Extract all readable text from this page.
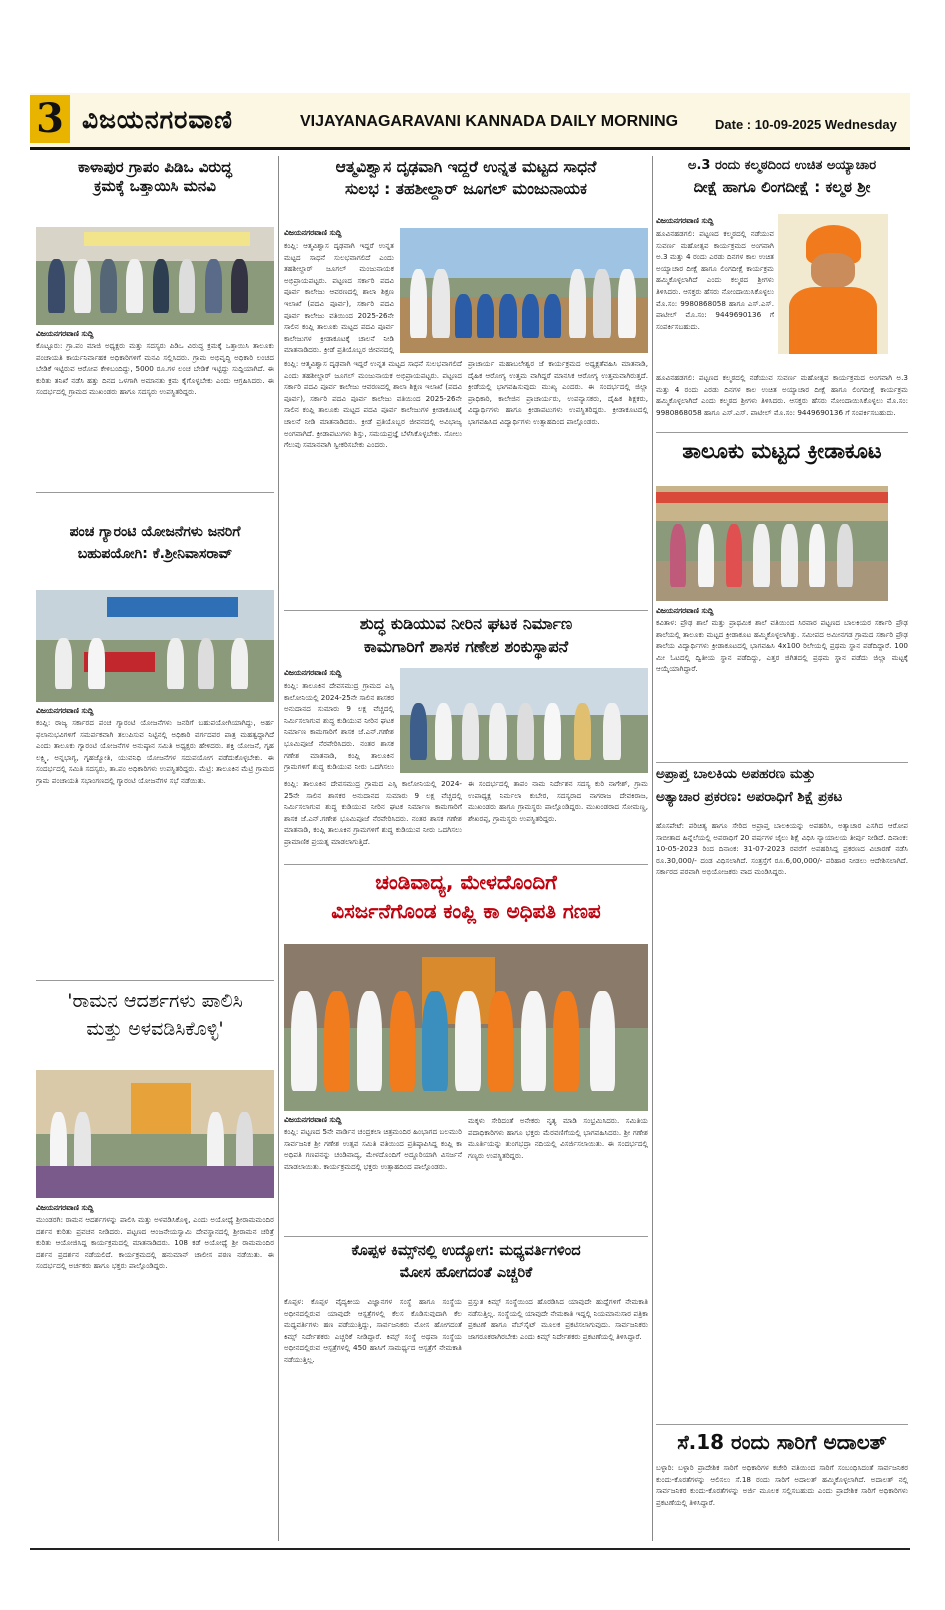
3 ವಿಜಯನಗರವಾಣಿ	VIJAYANAGARAVANI KANNADA DAILY MORNING	Date : 10-09-2025 Wednesday
ಕಾಳಾಪುರ ಗ್ರಾಪಂ ಪಿಡಿಒ ವಿರುದ್ಧ
ಕ್ರಮಕ್ಕೆ ಒತ್ತಾಯಿಸಿ ಮನವಿ
ವಿಜಯನಗರವಾಣಿ ಸುದ್ದಿ
ಕೊಟ್ಟೂರು: ಗ್ರಾ.ಪಂ ಮಾಜಿ ಅಧ್ಯಕ್ಷರು ಮತ್ತು ಸದಸ್ಯರು ಪಿಡಿಒ ವಿರುದ್ಧ ಕ್ರಮಕ್ಕೆ ಒತ್ತಾಯಿಸಿ ತಾಲೂಕು ಪಂಚಾಯತಿ ಕಾರ್ಯನಿರ್ವಾಹಕ ಅಧಿಕಾರಿಗಳಿಗೆ ಮನವಿ ಸಲ್ಲಿಸಿದರು. ಗ್ರಾಮ ಅಭಿವೃದ್ಧಿ ಅಧಿಕಾರಿ ಲಂಚದ ಬೇಡಿಕೆ ಇಟ್ಟಿರುವ ಆರೋಪ ಕೇಳಿಬಂದಿದ್ದು, 5000 ರೂ.ಗಳ ಲಂಚ ಬೇಡಿಕೆ ಇಟ್ಟಿದ್ದು ಸುದ್ದಿಯಾಗಿದೆ. ಈ ಕುರಿತು ತನಿಖೆ ನಡೆಸಿ ಹತ್ತು ದಿನದ ಒಳಗಾಗಿ ಅಮಾನತು ಕ್ರಮ ಕೈಗೊಳ್ಳಬೇಕು ಎಂದು ಆಗ್ರಹಿಸಿದರು. ಈ ಸಂದರ್ಭದಲ್ಲಿ ಗ್ರಾಮದ ಮುಖಂಡರು ಹಾಗೂ ಸದಸ್ಯರು ಉಪಸ್ಥಿತರಿದ್ದರು.
ಪಂಚ ಗ್ಯಾರಂಟಿ ಯೋಜನೆಗಳು ಜನರಿಗೆ
ಬಹುಪಯೋಗಿ: ಕೆ.ಶ್ರೀನಿವಾಸರಾವ್
ವಿಜಯನಗರವಾಣಿ ಸುದ್ದಿ
ಕಂಪ್ಲಿ: ರಾಜ್ಯ ಸರ್ಕಾರದ ಪಂಚ ಗ್ಯಾರಂಟಿ ಯೋಜನೆಗಳು ಜನರಿಗೆ ಬಹುಪಯೋಗಿಯಾಗಿದ್ದು, ಅರ್ಹ ಫಲಾನುಭವಿಗಳಿಗೆ ಸಮರ್ಪಕವಾಗಿ ತಲುಪಿಸುವ ನಿಟ್ಟಿನಲ್ಲಿ ಅಧಿಕಾರಿ ವರ್ಗದವರ ಪಾತ್ರ ಮಹತ್ವದ್ದಾಗಿದೆ ಎಂದು ತಾಲೂಕು ಗ್ಯಾರಂಟಿ ಯೋಜನೆಗಳ ಅನುಷ್ಠಾನ ಸಮಿತಿ ಅಧ್ಯಕ್ಷರು ಹೇಳಿದರು. ಶಕ್ತಿ ಯೋಜನೆ, ಗೃಹ ಲಕ್ಷ್ಮಿ, ಅನ್ನಭಾಗ್ಯ, ಗೃಹಜ್ಯೋತಿ, ಯುವನಿಧಿ ಯೋಜನೆಗಳ ಸದುಪಯೋಗ ಪಡೆದುಕೊಳ್ಳಬೇಕು. ಈ ಸಂದರ್ಭದಲ್ಲಿ ಸಮಿತಿ ಸದಸ್ಯರು, ತಾ.ಪಂ ಅಧಿಕಾರಿಗಳು ಉಪಸ್ಥಿತರಿದ್ದರು. ಮೆಟ್ರಿ: ತಾಲೂಕಿನ ಮೆಟ್ರಿ ಗ್ರಾಮದ ಗ್ರಾಮ ಪಂಚಾಯತಿ ಸಭಾಂಗಣದಲ್ಲಿ ಗ್ಯಾರಂಟಿ ಯೋಜನೆಗಳ ಸಭೆ ನಡೆಯಿತು.
'ರಾಮನ ಆದರ್ಶಗಳು ಪಾಲಿಸಿ
ಮತ್ತು ಅಳವಡಿಸಿಕೊಳ್ಳಿ'
ವಿಜಯನಗರವಾಣಿ ಸುದ್ದಿ
ಮುಂಡರಗಿ: ರಾಮನ ಆದರ್ಶಗಳನ್ನು ಪಾಲಿಸಿ ಮತ್ತು ಅಳವಡಿಸಿಕೊಳ್ಳಿ, ಎಂದು ಅಯೋಧ್ಯೆ ಶ್ರೀರಾಮಮಂದಿರ ದರ್ಶನ ಕುರಿತು ಪ್ರವಚನ ನೀಡಿದರು. ಪಟ್ಟಣದ ಆಂಜನೇಯಸ್ವಾಮಿ ದೇವಸ್ಥಾನದಲ್ಲಿ ಶ್ರೀರಾಮನ ಚರಿತ್ರೆ ಕುರಿತು ಆಯೋಜಿಸಿದ್ದ ಕಾರ್ಯಕ್ರಮದಲ್ಲಿ ಮಾತನಾಡಿದರು. 108 ಕಡೆ ಅಯೋಧ್ಯೆ ಶ್ರೀ ರಾಮಮಂದಿರ ದರ್ಶನ ಪ್ರದರ್ಶನ ನಡೆಯಲಿದೆ. ಕಾರ್ಯಕ್ರಮದಲ್ಲಿ ಹನುಮಾನ್ ಚಾಲೀಸ ಪಠಣ ನಡೆಯಿತು. ಈ ಸಂದರ್ಭದಲ್ಲಿ ಅರ್ಚಕರು ಹಾಗೂ ಭಕ್ತರು ಪಾಲ್ಗೊಂಡಿದ್ದರು.
ಆತ್ಮವಿಶ್ವಾಸ ದೃಢವಾಗಿ ಇದ್ದರೆ ಉನ್ನತ ಮಟ್ಟದ ಸಾಧನೆ
ಸುಲಭ : ತಹಶೀಲ್ದಾರ್ ಜೂಗಲ್ ಮಂಜುನಾಯಕ
ವಿಜಯನಗರವಾಣಿ ಸುದ್ದಿ
ಕಂಪ್ಲಿ: ಆತ್ಮವಿಶ್ವಾಸ ದೃಢವಾಗಿ ಇದ್ದರೆ ಉನ್ನತ ಮಟ್ಟದ ಸಾಧನೆ ಸುಲಭವಾಗಲಿದೆ ಎಂದು ತಹಶೀಲ್ದಾರ್ ಜೂಗಲ್ ಮಂಜುನಾಯಕ ಅಭಿಪ್ರಾಯಪಟ್ಟರು. ಪಟ್ಟಣದ ಸರ್ಕಾರಿ ಪದವಿ ಪೂರ್ವ ಕಾಲೇಜು ಆವರಣದಲ್ಲಿ ಶಾಲಾ ಶಿಕ್ಷಣ ಇಲಾಖೆ (ಪದವಿ ಪೂರ್ವ), ಸರ್ಕಾರಿ ಪದವಿ ಪೂರ್ವ ಕಾಲೇಜು ವತಿಯಿಂದ 2025-26ನೇ ಸಾಲಿನ ಕಂಪ್ಲಿ ತಾಲೂಕು ಮಟ್ಟದ ಪದವಿ ಪೂರ್ವ ಕಾಲೇಜುಗಳ ಕ್ರೀಡಾಕೂಟಕ್ಕೆ ಚಾಲನೆ ನೀಡಿ ಮಾತನಾಡಿದರು. ಕ್ರೀಡೆ ಪ್ರತಿಯೊಬ್ಬರ ಜೀವನದಲ್ಲಿ
ಕಂಪ್ಲಿ: ಆತ್ಮವಿಶ್ವಾಸ ದೃಢವಾಗಿ ಇದ್ದರೆ ಉನ್ನತ ಮಟ್ಟದ ಸಾಧನೆ ಸುಲಭವಾಗಲಿದೆ ಎಂದು ತಹಶೀಲ್ದಾರ್ ಜೂಗಲ್ ಮಂಜುನಾಯಕ ಅಭಿಪ್ರಾಯಪಟ್ಟರು. ಪಟ್ಟಣದ ಸರ್ಕಾರಿ ಪದವಿ ಪೂರ್ವ ಕಾಲೇಜು ಆವರಣದಲ್ಲಿ ಶಾಲಾ ಶಿಕ್ಷಣ ಇಲಾಖೆ (ಪದವಿ ಪೂರ್ವ), ಸರ್ಕಾರಿ ಪದವಿ ಪೂರ್ವ ಕಾಲೇಜು ವತಿಯಿಂದ 2025-26ನೇ ಸಾಲಿನ ಕಂಪ್ಲಿ ತಾಲೂಕು ಮಟ್ಟದ ಪದವಿ ಪೂರ್ವ ಕಾಲೇಜುಗಳ ಕ್ರೀಡಾಕೂಟಕ್ಕೆ ಚಾಲನೆ ನೀಡಿ ಮಾತನಾಡಿದರು. ಕ್ರೀಡೆ ಪ್ರತಿಯೊಬ್ಬರ ಜೀವನದಲ್ಲಿ ಅವಿಭಾಜ್ಯ ಅಂಗವಾಗಿದೆ. ಕ್ರೀಡಾಪಟುಗಳು ಶಿಸ್ತು, ಸಮಯಪ್ರಜ್ಞೆ ಬೆಳೆಸಿಕೊಳ್ಳಬೇಕು. ಸೋಲು ಗೆಲುವು ಸಮಾನವಾಗಿ ಸ್ವೀಕರಿಸಬೇಕು ಎಂದರು.
ಪ್ರಾಚಾರ್ಯ ಮಹಾಬಲೇಶ್ವರ ಜೆ ಕಾರ್ಯಕ್ರಮದ ಅಧ್ಯಕ್ಷತೆವಹಿಸಿ ಮಾತನಾಡಿ, ದೈಹಿಕ ಆರೋಗ್ಯ ಉತ್ತಮ ವಾಗಿದ್ದರೆ ಮಾನಸಿಕ ಆರೋಗ್ಯ ಉತ್ತಮವಾಗಿರುತ್ತದೆ. ಕ್ರೀಡೆಯಲ್ಲಿ ಭಾಗವಹಿಸುವುದು ಮುಖ್ಯ ಎಂದರು. ಈ ಸಂದರ್ಭದಲ್ಲಿ ಜಿಲ್ಲಾ ಪ್ರಾಧಿಕಾರಿ, ಕಾಲೇಜಿನ ಪ್ರಾಚಾರ್ಯರು, ಉಪನ್ಯಾಸಕರು, ದೈಹಿಕ ಶಿಕ್ಷಕರು, ವಿದ್ಯಾರ್ಥಿಗಳು ಹಾಗೂ ಕ್ರೀಡಾಪಟುಗಳು ಉಪಸ್ಥಿತರಿದ್ದರು. ಕ್ರೀಡಾಕೂಟದಲ್ಲಿ ಭಾಗವಹಿಸಿದ ವಿದ್ಯಾರ್ಥಿಗಳು ಉತ್ಸಾಹದಿಂದ ಪಾಲ್ಗೊಂಡರು.
ಶುದ್ಧ ಕುಡಿಯುವ ನೀರಿನ ಘಟಕ ನಿರ್ಮಾಣ
ಕಾಮಗಾರಿಗೆ ಶಾಸಕ ಗಣೇಶ ಶಂಕುಸ್ಥಾಪನೆ
ವಿಜಯನಗರವಾಣಿ ಸುದ್ದಿ
ಕಂಪ್ಲಿ: ತಾಲೂಕಿನ ದೇವಸಮುದ್ರ ಗ್ರಾಮದ ಎಸ್ಸಿ ಕಾಲೋನಿಯಲ್ಲಿ 2024-25ನೇ ಸಾಲಿನ ಶಾಸಕರ ಅನುದಾನದ ಸುಮಾರು 9 ಲಕ್ಷ ವೆಚ್ಚದಲ್ಲಿ ನಿರ್ಮಿಸಲಾಗುವ ಶುದ್ಧ ಕುಡಿಯುವ ನೀರಿನ ಘಟಕ ನಿರ್ಮಾಣ ಕಾಮಗಾರಿಗೆ ಶಾಸಕ ಜೆ.ಎನ್.ಗಣೇಶ ಭೂಮಿಪೂಜೆ ನೆರವೇರಿಸಿದರು. ನಂತರ ಶಾಸಕ ಗಣೇಶ ಮಾತನಾಡಿ, ಕಂಪ್ಲಿ ತಾಲೂಕಿನ ಗ್ರಾಮಗಳಿಗೆ ಶುದ್ಧ ಕುಡಿಯುವ ನೀರು ಒದಗಿಸಲು
ಕಂಪ್ಲಿ: ತಾಲೂಕಿನ ದೇವಸಮುದ್ರ ಗ್ರಾಮದ ಎಸ್ಸಿ ಕಾಲೋನಿಯಲ್ಲಿ 2024-25ನೇ ಸಾಲಿನ ಶಾಸಕರ ಅನುದಾನದ ಸುಮಾರು 9 ಲಕ್ಷ ವೆಚ್ಚದಲ್ಲಿ ನಿರ್ಮಿಸಲಾಗುವ ಶುದ್ಧ ಕುಡಿಯುವ ನೀರಿನ ಘಟಕ ನಿರ್ಮಾಣ ಕಾಮಗಾರಿಗೆ ಶಾಸಕ ಜೆ.ಎನ್.ಗಣೇಶ ಭೂಮಿಪೂಜೆ ನೆರವೇರಿಸಿದರು. ನಂತರ ಶಾಸಕ ಗಣೇಶ ಮಾತನಾಡಿ, ಕಂಪ್ಲಿ ತಾಲೂಕಿನ ಗ್ರಾಮಗಳಿಗೆ ಶುದ್ಧ ಕುಡಿಯುವ ನೀರು ಒದಗಿಸಲು ಪ್ರಾಮಾಣಿಕ ಪ್ರಯತ್ನ ಮಾಡಲಾಗುತ್ತಿದೆ.
ಈ ಸಂದರ್ಭದಲ್ಲಿ ತಾಪಂ ನಾಮ ನಿರ್ದೇಶನ ಸದಸ್ಯ ಕುರಿ ನಾಗೇಶ್, ಗ್ರಾಮ ಉಪಾಧ್ಯಕ್ಷ ನಿರ್ಮಲಾ ಕುಬೇರ, ಸದಸ್ಯರಾದ ನಾಗರಾಜ ದೇವಕಿರಾಜ, ಮುಖಂಡರು ಹಾಗೂ ಗ್ರಾಮಸ್ಥರು ಪಾಲ್ಗೊಂಡಿದ್ದರು. ಮುಖಂಡರಾದ ಸೋಮಣ್ಣ, ಶೇಖರಪ್ಪ, ಗ್ರಾಮಸ್ಥರು ಉಪಸ್ಥಿತರಿದ್ದರು.
ಚಂಡಿವಾದ್ಯ, ಮೇಳದೊಂದಿಗೆ
ವಿಸರ್ಜನೆಗೊಂಡ ಕಂಪ್ಲಿ ಕಾ ಅಧಿಪತಿ ಗಣಪ
ವಿಜಯನಗರವಾಣಿ ಸುದ್ದಿ
ಕಂಪ್ಲಿ: ಪಟ್ಟಣದ 5ನೇ ವಾರ್ಡಿನ ಚಂದ್ರಕಲಾ ಚಿತ್ರಮಂದಿರ ಹಿಂಭಾಗದ ಬಲಮುರಿ ಸಾರ್ವಜನಿಕ ಶ್ರೀ ಗಣೇಶ ಉತ್ಸವ ಸಮಿತಿ ವತಿಯಿಂದ ಪ್ರತಿಷ್ಠಾಪಿಸಿದ್ದ ಕಂಪ್ಲಿ ಕಾ ಅಧಿಪತಿ ಗಣಪನನ್ನು ಚಂಡಿವಾದ್ಯ, ಮೇಳದೊಂದಿಗೆ ಅದ್ದೂರಿಯಾಗಿ ವಿಸರ್ಜನೆ ಮಾಡಲಾಯಿತು. ಕಾರ್ಯಕ್ರಮದಲ್ಲಿ ಭಕ್ತರು ಉತ್ಸಾಹದಿಂದ ಪಾಲ್ಗೊಂಡರು.
ಮಕ್ಕಳು ಸೇರಿದಂತೆ ಅನೇಕರು ನೃತ್ಯ ಮಾಡಿ ಸಂಭ್ರಮಿಸಿದರು. ಸಮಿತಿಯ ಪದಾಧಿಕಾರಿಗಳು ಹಾಗೂ ಭಕ್ತರು ಮೆರವಣಿಗೆಯಲ್ಲಿ ಭಾಗವಹಿಸಿದರು. ಶ್ರೀ ಗಣೇಶ ಮೂರ್ತಿಯನ್ನು ತುಂಗಭದ್ರಾ ನದಿಯಲ್ಲಿ ವಿಸರ್ಜಿಸಲಾಯಿತು. ಈ ಸಂದರ್ಭದಲ್ಲಿ ಗಣ್ಯರು ಉಪಸ್ಥಿತರಿದ್ದರು.
ಕೊಪ್ಪಳ ಕಿಮ್ಸ್‌ನಲ್ಲಿ ಉದ್ಯೋಗ: ಮಧ್ಯವರ್ತಿಗಳಿಂದ
ಮೋಸ ಹೋಗದಂತೆ ಎಚ್ಚರಿಕೆ
ಕೊಪ್ಪಳ: ಕೊಪ್ಪಳ ವೈದ್ಯಕೀಯ ವಿಜ್ಞಾನಗಳ ಸಂಸ್ಥೆ ಹಾಗೂ ಸಂಸ್ಥೆಯ ಅಧೀನದಲ್ಲಿರುವ ಯಾವುದೇ ಆಸ್ಪತ್ರೆಗಳಲ್ಲಿ ಕೆಲಸ ಕೊಡಿಸುವುದಾಗಿ ಕೆಲ ಮಧ್ಯವರ್ತಿಗಳು ಹಣ ಪಡೆಯುತ್ತಿದ್ದು, ಸಾರ್ವಜನಿಕರು ಮೋಸ ಹೋಗದಂತೆ ಕಿಮ್ಸ್ ನಿರ್ದೇಶಕರು ಎಚ್ಚರಿಕೆ ನೀಡಿದ್ದಾರೆ. ಕಿಮ್ಸ್ ಸಂಸ್ಥೆ ಅಥವಾ ಸಂಸ್ಥೆಯ ಅಧೀನದಲ್ಲಿರುವ ಆಸ್ಪತ್ರೆಗಳಲ್ಲಿ 450 ಹಾಸಿಗೆ ಸಾಮರ್ಥ್ಯದ ಆಸ್ಪತ್ರೆಗೆ ನೇಮಕಾತಿ ನಡೆಯುತ್ತಿಲ್ಲ.
ಪ್ರಸ್ತುತ ಕಿಮ್ಸ್ ಸಂಸ್ಥೆಯಿಂದ ಹೊರಡಿಸಿದ ಯಾವುದೇ ಹುದ್ದೆಗಳಿಗೆ ನೇಮಕಾತಿ ನಡೆಸುತ್ತಿಲ್ಲ. ಸಂಸ್ಥೆಯಲ್ಲಿ ಯಾವುದೇ ನೇಮಕಾತಿ ಇದ್ದಲ್ಲಿ ನಿಯಮಾನುಸಾರ ಪತ್ರಿಕಾ ಪ್ರಕಟಣೆ ಹಾಗೂ ವೆಬ್‌ಸೈಟ್ ಮೂಲಕ ಪ್ರಕಟಿಸಲಾಗುವುದು. ಸಾರ್ವಜನಿಕರು ಜಾಗರೂಕರಾಗಿರಬೇಕು ಎಂದು ಕಿಮ್ಸ್ ನಿರ್ದೇಶಕರು ಪ್ರಕಟಣೆಯಲ್ಲಿ ತಿಳಿಸಿದ್ದಾರೆ.
ಅ.3 ರಂದು ಕಲ್ಮಠದಿಂದ ಉಚಿತ ಅಯ್ಯಾಚಾರ
ದೀಕ್ಷೆ ಹಾಗೂ ಲಿಂಗದೀಕ್ಷೆ : ಕಲ್ಮಠ ಶ್ರೀ
ವಿಜಯನಗರವಾಣಿ ಸುದ್ದಿ
ಹೂವಿನಹಡಗಲಿ: ಪಟ್ಟಣದ ಕಲ್ಮಠದಲ್ಲಿ ನಡೆಯುವ ಸುವರ್ಣ ಮಹೋತ್ಸವ ಕಾರ್ಯಕ್ರಮದ ಅಂಗವಾಗಿ ಅ.3 ಮತ್ತು 4 ರಂದು ಎರಡು ದಿನಗಳ ಕಾಲ ಉಚಿತ ಅಯ್ಯಾಚಾರ ದೀಕ್ಷೆ ಹಾಗೂ ಲಿಂಗದೀಕ್ಷೆ ಕಾರ್ಯಕ್ರಮ ಹಮ್ಮಿಕೊಳ್ಳಲಾಗಿದೆ ಎಂದು ಕಲ್ಮಠದ ಶ್ರೀಗಳು ತಿಳಿಸಿದರು. ಆಸಕ್ತರು ಹೆಸರು ನೋಂದಾಯಿಸಿಕೊಳ್ಳಲು ಮೊ.ಸಂ: 9980868058 ಹಾಗೂ ಎಸ್.ಎಸ್. ಪಾಟೀಲ್ ಮೊ.ಸಂ: 9449690136 ಗೆ ಸಂಪರ್ಕಿಸಬಹುದು.
ಹೂವಿನಹಡಗಲಿ: ಪಟ್ಟಣದ ಕಲ್ಮಠದಲ್ಲಿ ನಡೆಯುವ ಸುವರ್ಣ ಮಹೋತ್ಸವ ಕಾರ್ಯಕ್ರಮದ ಅಂಗವಾಗಿ ಅ.3 ಮತ್ತು 4 ರಂದು ಎರಡು ದಿನಗಳ ಕಾಲ ಉಚಿತ ಅಯ್ಯಾಚಾರ ದೀಕ್ಷೆ ಹಾಗೂ ಲಿಂಗದೀಕ್ಷೆ ಕಾರ್ಯಕ್ರಮ ಹಮ್ಮಿಕೊಳ್ಳಲಾಗಿದೆ ಎಂದು ಕಲ್ಮಠದ ಶ್ರೀಗಳು ತಿಳಿಸಿದರು. ಆಸಕ್ತರು ಹೆಸರು ನೋಂದಾಯಿಸಿಕೊಳ್ಳಲು ಮೊ.ಸಂ: 9980868058 ಹಾಗೂ ಎಸ್.ಎಸ್. ಪಾಟೀಲ್ ಮೊ.ಸಂ: 9449690136 ಗೆ ಸಂಪರ್ಕಿಸಬಹುದು.
ತಾಲೂಕು ಮಟ್ಟದ ಕ್ರೀಡಾಕೂಟ
ವಿಜಯನಗರವಾಣಿ ಸುದ್ದಿ
ಕವಿತಾಳ: ಪ್ರೌಢ ಶಾಲೆ ಮತ್ತು ಪ್ರಾಥಮಿಕ ಶಾಲೆ ವತಿಯಿಂದ ಸಿರವಾರ ಪಟ್ಟಣದ ಬಾಲಕಿಯರ ಸರ್ಕಾರಿ ಪ್ರೌಢ ಶಾಲೆಯಲ್ಲಿ ತಾಲೂಕು ಮಟ್ಟದ ಕ್ರೀಡಾಕೂಟ ಹಮ್ಮಿಕೊಳ್ಳಲಾಗಿತ್ತು. ಸಮೀಪದ ಅಮೀನಗಡ ಗ್ರಾಮದ ಸರ್ಕಾರಿ ಪ್ರೌಢ ಶಾಲೆಯ ವಿದ್ಯಾರ್ಥಿಗಳು ಕ್ರೀಡಾಕೂಟದಲ್ಲಿ ಭಾಗವಹಿಸಿ 4x100 ರಿಲೇಯಲ್ಲಿ ಪ್ರಥಮ ಸ್ಥಾನ ಪಡೆದಿದ್ದಾರೆ. 100 ಮೀ ಓಟದಲ್ಲಿ ದ್ವಿತೀಯ ಸ್ಥಾನ ಪಡೆದಿದ್ದು, ಎತ್ತರ ಜಿಗಿತದಲ್ಲಿ ಪ್ರಥಮ ಸ್ಥಾನ ಪಡೆದು ಜಿಲ್ಲಾ ಮಟ್ಟಕ್ಕೆ ಆಯ್ಕೆಯಾಗಿದ್ದಾರೆ.
ಅಪ್ರಾಪ್ತ ಬಾಲಕಿಯ ಅಪಹರಣ ಮತ್ತು
ಅತ್ಯಾಚಾರ ಪ್ರಕರಣ: ಅಪರಾಧಿಗೆ ಶಿಕ್ಷೆ ಪ್ರಕಟ
ಹೊಸಪೇಟೆ: ಪರಿಚಿತ್ಯ ಹಾಗೂ ಸೇರಿದ ಅಪ್ರಾಪ್ತ ಬಾಲಕಿಯನ್ನು ಅಪಹರಿಸಿ, ಅತ್ಯಾಚಾರ ಎಸಗಿದ ಆರೋಪ ಸಾಬೀತಾದ ಹಿನ್ನೆಲೆಯಲ್ಲಿ ಅಪರಾಧಿಗೆ 20 ವರ್ಷಗಳ ಜೈಲು ಶಿಕ್ಷೆ ವಿಧಿಸಿ ನ್ಯಾಯಾಲಯ ತೀರ್ಪು ನೀಡಿದೆ. ದಿನಾಂಕ: 10-05-2023 ರಿಂದ ದಿನಾಂಕ: 31-07-2023 ರವರೆಗೆ ಅಪಹರಿಸಿದ್ದ ಪ್ರಕರಣದ ವಿಚಾರಣೆ ನಡೆಸಿ ರೂ.30,000/- ದಂಡ ವಿಧಿಸಲಾಗಿದೆ. ಸಂತ್ರಸ್ತೆಗೆ ರೂ.6,00,000/- ಪರಿಹಾರ ನೀಡಲು ಆದೇಶಿಸಲಾಗಿದೆ. ಸರ್ಕಾರದ ಪರವಾಗಿ ಅಭಿಯೋಜಕರು ವಾದ ಮಂಡಿಸಿದ್ದರು.
ಸೆ.18 ರಂದು ಸಾರಿಗೆ ಅದಾಲತ್
ಬಳ್ಳಾರಿ: ಬಳ್ಳಾರಿ ಪ್ರಾದೇಶಿಕ ಸಾರಿಗೆ ಅಧಿಕಾರಿಗಳ ಕಚೇರಿ ವತಿಯಿಂದ ಸಾರಿಗೆ ಸಂಬಂಧಿಸಿದಂತೆ ಸಾರ್ವಜನಿಕರ ಕುಂದು-ಕೊರತೆಗಳನ್ನು ಆಲಿಸಲು ಸೆ.18 ರಂದು ಸಾರಿಗೆ ಅದಾಲತ್ ಹಮ್ಮಿಕೊಳ್ಳಲಾಗಿದೆ. ಅದಾಲತ್ ನಲ್ಲಿ ಸಾರ್ವಜನಿಕರ ಕುಂದು-ಕೊರತೆಗಳನ್ನು ಅರ್ಜಿ ಮೂಲಕ ಸಲ್ಲಿಸಬಹುದು ಎಂದು ಪ್ರಾದೇಶಿಕ ಸಾರಿಗೆ ಅಧಿಕಾರಿಗಳು ಪ್ರಕಟಣೆಯಲ್ಲಿ ತಿಳಿಸಿದ್ದಾರೆ.
